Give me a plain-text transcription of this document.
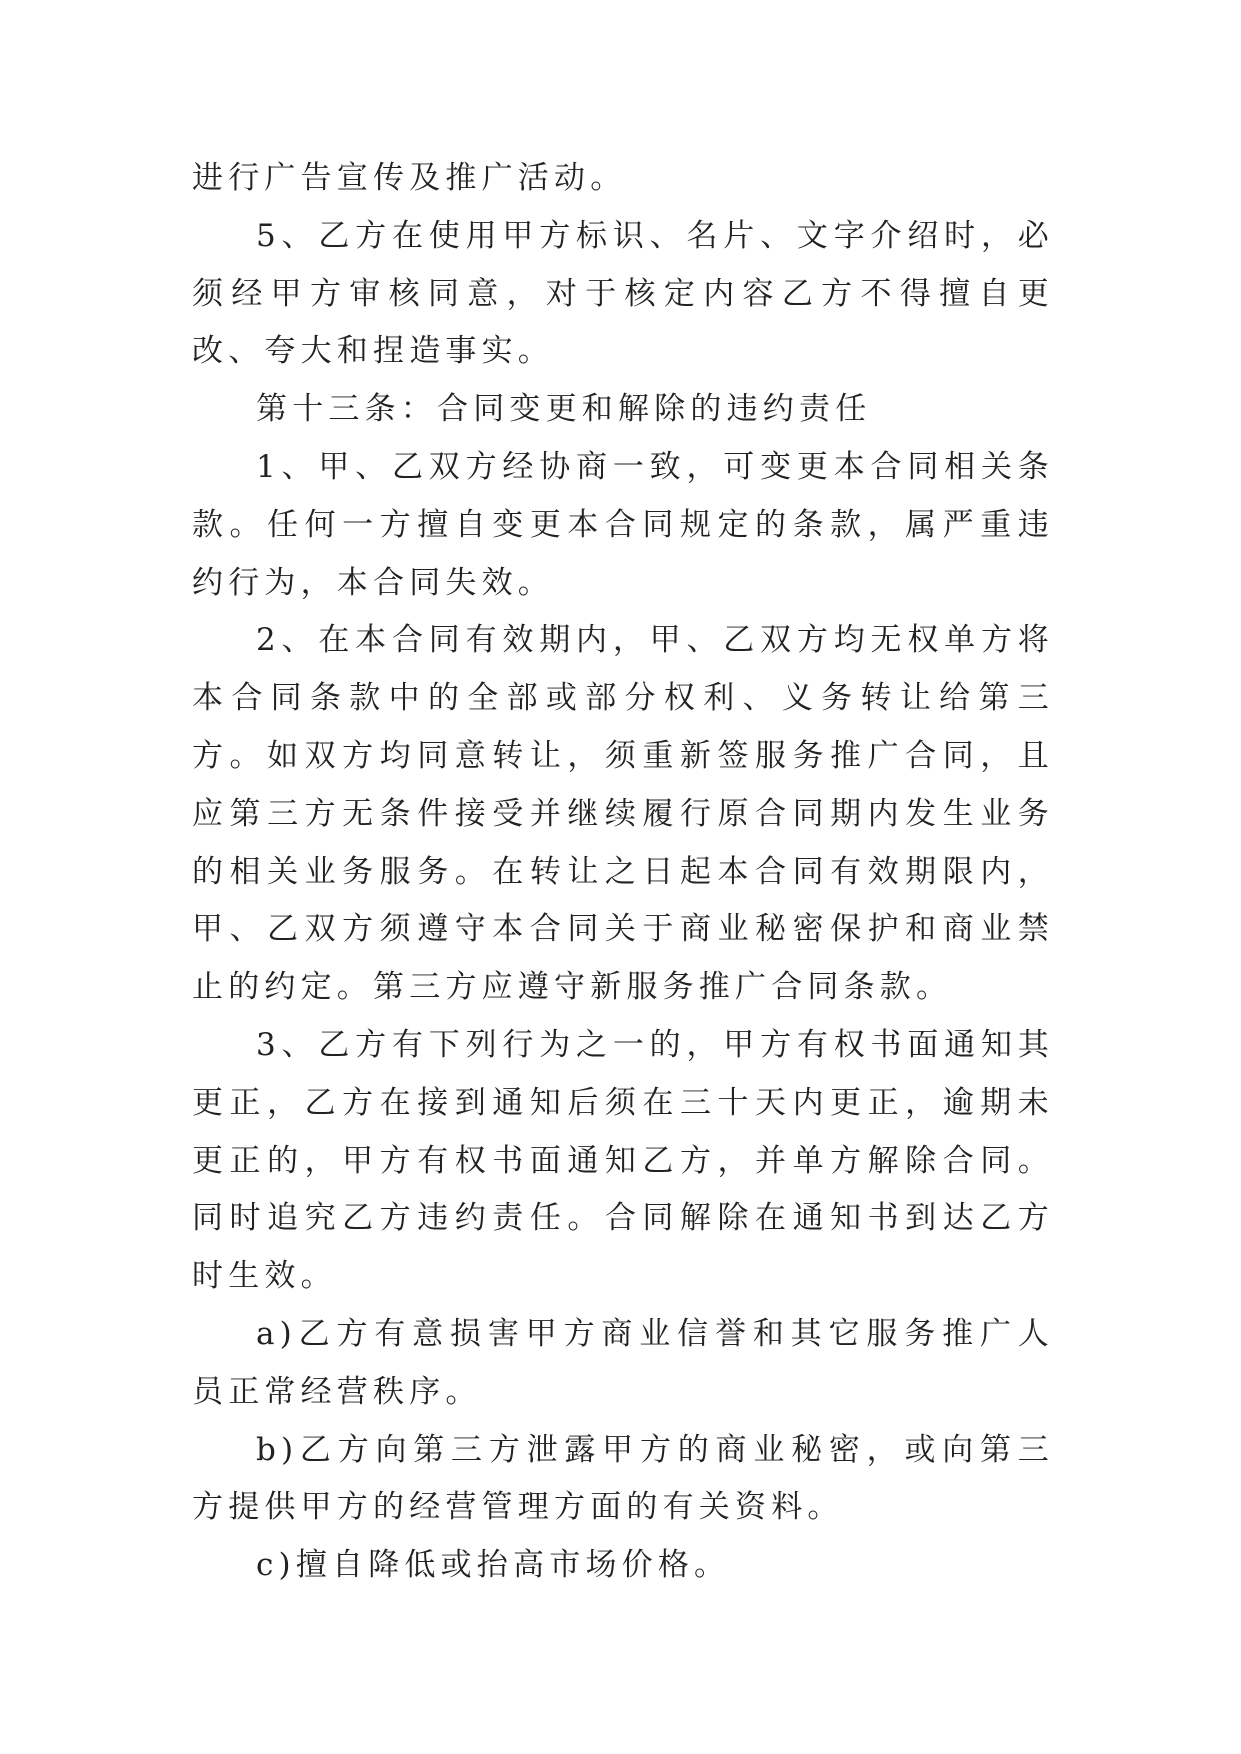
进行广告宣传及推广活动。

5、乙方在使用甲方标识、名片、文字介绍时，必须经甲方审核同意，对于核定内容乙方不得擅自更改、夸大和捏造事实。

第十三条：合同变更和解除的违约责任

1、甲、乙双方经协商一致，可变更本合同相关条款。任何一方擅自变更本合同规定的条款，属严重违约行为，本合同失效。

2、在本合同有效期内，甲、乙双方均无权单方将本合同条款中的全部或部分权利、义务转让给第三方。如双方均同意转让，须重新签服务推广合同，且应第三方无条件接受并继续履行原合同期内发生业务的相关业务服务。在转让之日起本合同有效期限内，甲、乙双方须遵守本合同关于商业秘密保护和商业禁止的约定。第三方应遵守新服务推广合同条款。

3、乙方有下列行为之一的，甲方有权书面通知其更正，乙方在接到通知后须在三十天内更正，逾期未更正的，甲方有权书面通知乙方，并单方解除合同。同时追究乙方违约责任。合同解除在通知书到达乙方时生效。

a)乙方有意损害甲方商业信誉和其它服务推广人员正常经营秩序。

b)乙方向第三方泄露甲方的商业秘密，或向第三方提供甲方的经营管理方面的有关资料。

c)擅自降低或抬高市场价格。
